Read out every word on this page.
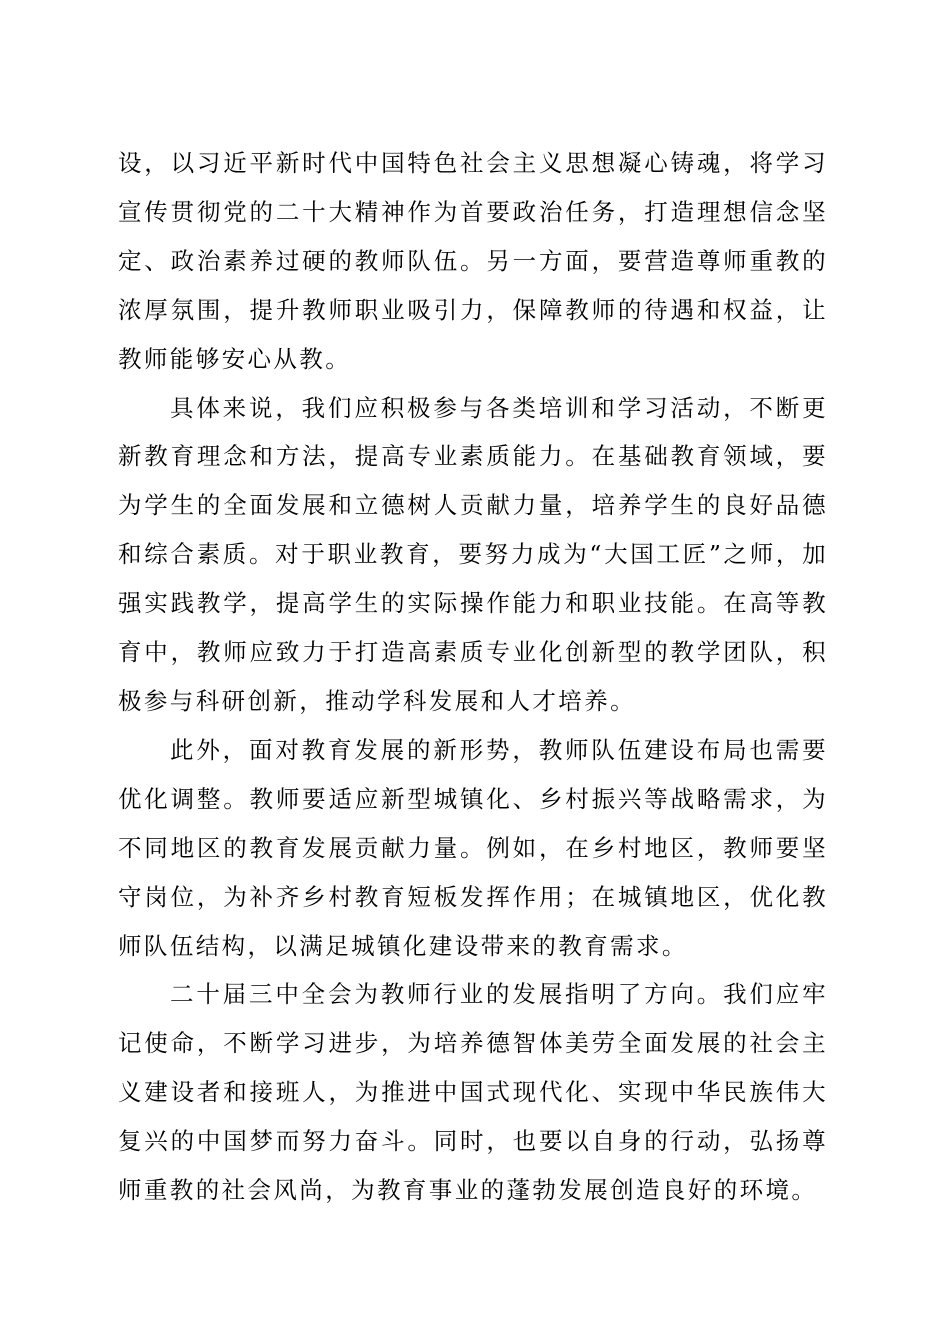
设，以习近平新时代中国特色社会主义思想凝心铸魂，将学习宣传贯彻党的二十大精神作为首要政治任务，打造理想信念坚定、政治素养过硬的教师队伍。另一方面，要营造尊师重教的浓厚氛围，提升教师职业吸引力，保障教师的待遇和权益，让教师能够安心从教。

具体来说，我们应积极参与各类培训和学习活动，不断更新教育理念和方法，提高专业素质能力。在基础教育领域，要为学生的全面发展和立德树人贡献力量，培养学生的良好品德和综合素质。对于职业教育，要努力成为“大国工匠”之师，加强实践教学，提高学生的实际操作能力和职业技能。在高等教育中，教师应致力于打造高素质专业化创新型的教学团队，积极参与科研创新，推动学科发展和人才培养。

此外，面对教育发展的新形势，教师队伍建设布局也需要优化调整。教师要适应新型城镇化、乡村振兴等战略需求，为不同地区的教育发展贡献力量。例如，在乡村地区，教师要坚守岗位，为补齐乡村教育短板发挥作用；在城镇地区，优化教师队伍结构，以满足城镇化建设带来的教育需求。

二十届三中全会为教师行业的发展指明了方向。我们应牢记使命，不断学习进步，为培养德智体美劳全面发展的社会主义建设者和接班人，为推进中国式现代化、实现中华民族伟大复兴的中国梦而努力奋斗。同时，也要以自身的行动，弘扬尊师重教的社会风尚，为教育事业的蓬勃发展创造良好的环境。
